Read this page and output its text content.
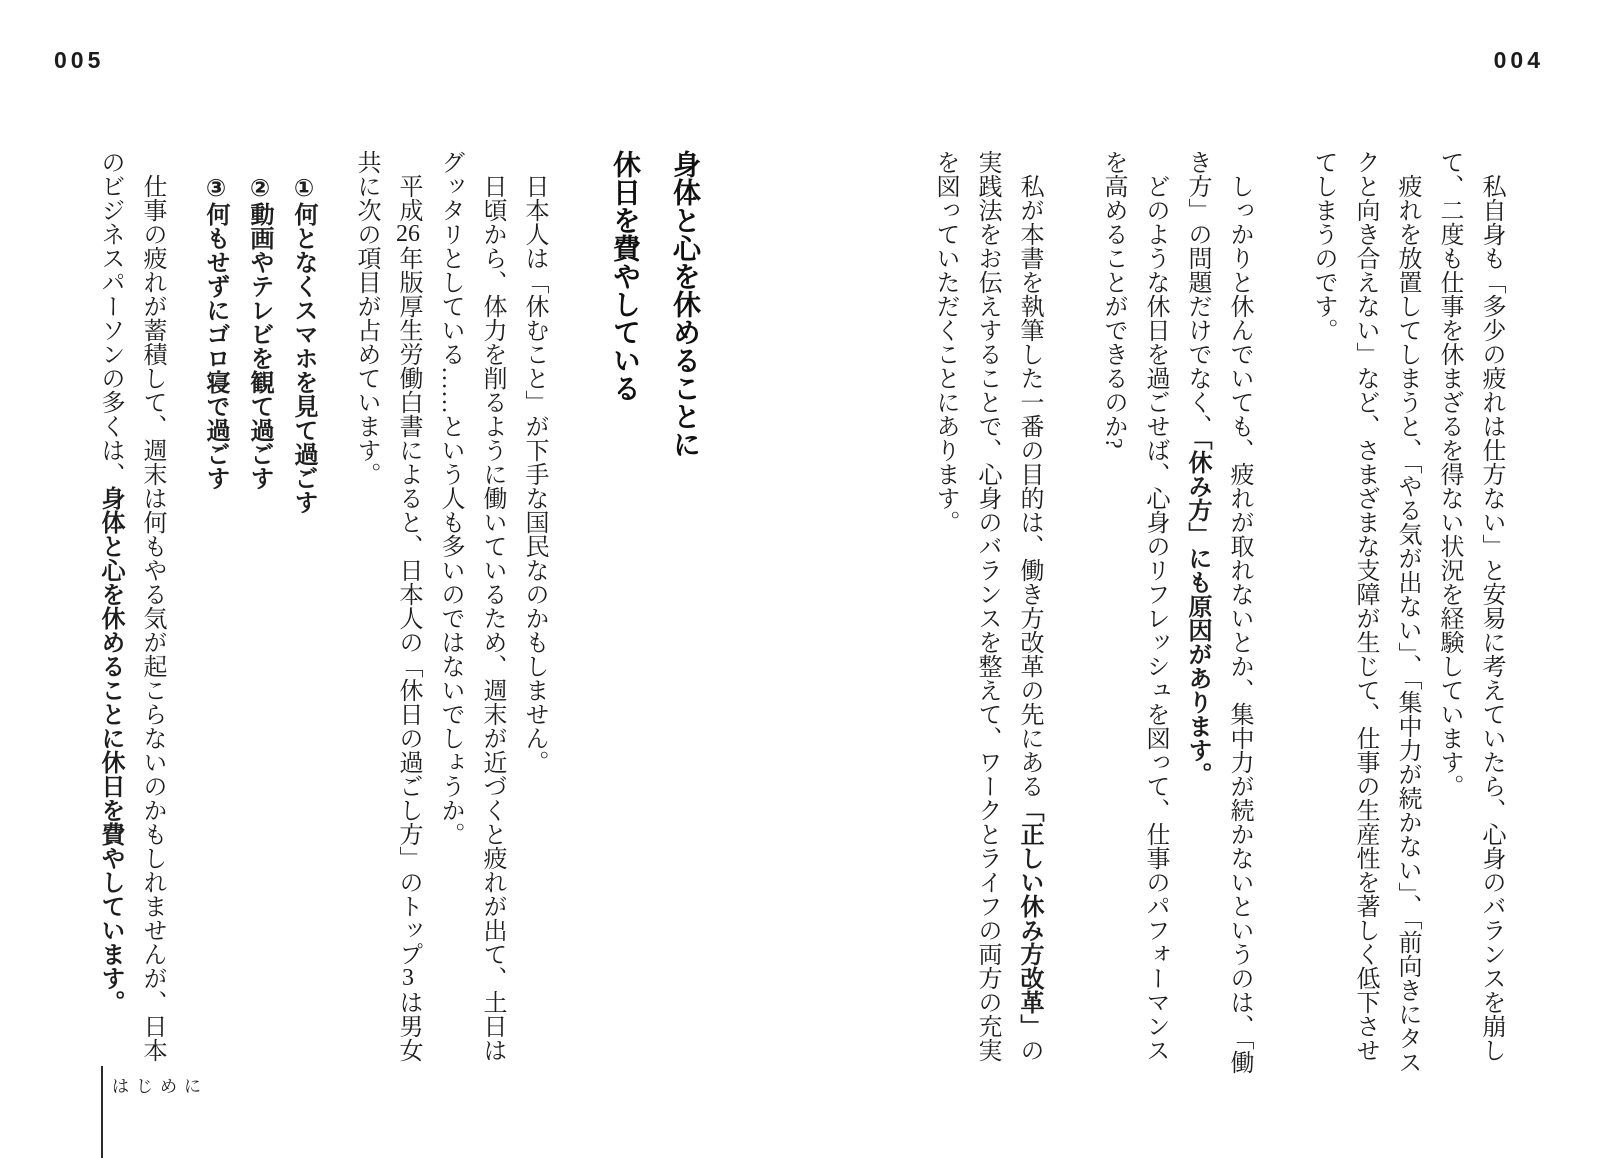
005

身体と心を休めることに

休日を費やしている

日本人は「休むこと」が下手な国民なのかもしません。

日頃から、体力を削るように働いているため、週末が近づくと疲れが出て、土日はグッタリとしている……という人も多いのではないでしょうか。

平成26年版厚生労働白書によると、日本人の「休日の過ごし方」のトップ3は男女共に次の項目が占めています。

①何となくスマホを見て過ごす

②動画やテレビを観て過ごす

③何もせずにゴロ寝で過ごす

仕事の疲れが蓄積して、週末は何もやる気が起こらないのかもしれませんが、日本のビジネスパーソンの多くは、身体と心を休めることに休日を費やしています。

はじめに
004

私自身も「多少の疲れは仕方ない」と安易に考えていたら、心身のバランスを崩して、二度も仕事を休まざるを得ない状況を経験しています。

疲れを放置してしまうと、「やる気が出ない」、「集中力が続かない」、「前向きにタスクと向き合えない」など、さまざまな支障が生じて、仕事の生産性を著しく低下させてしまうのです。

しっかりと休んでいても、疲れが取れないとか、集中力が続かないというのは、「働き方」の問題だけでなく、「休み方」にも原因があります。

どのような休日を過ごせば、心身のリフレッシュを図って、仕事のパフォーマンスを高めることができるのか?

私が本書を執筆した一番の目的は、働き方改革の先にある「正しい休み方改革」の実践法をお伝えすることで、心身のバランスを整えて、ワークとライフの両方の充実を図っていただくことにあります。
